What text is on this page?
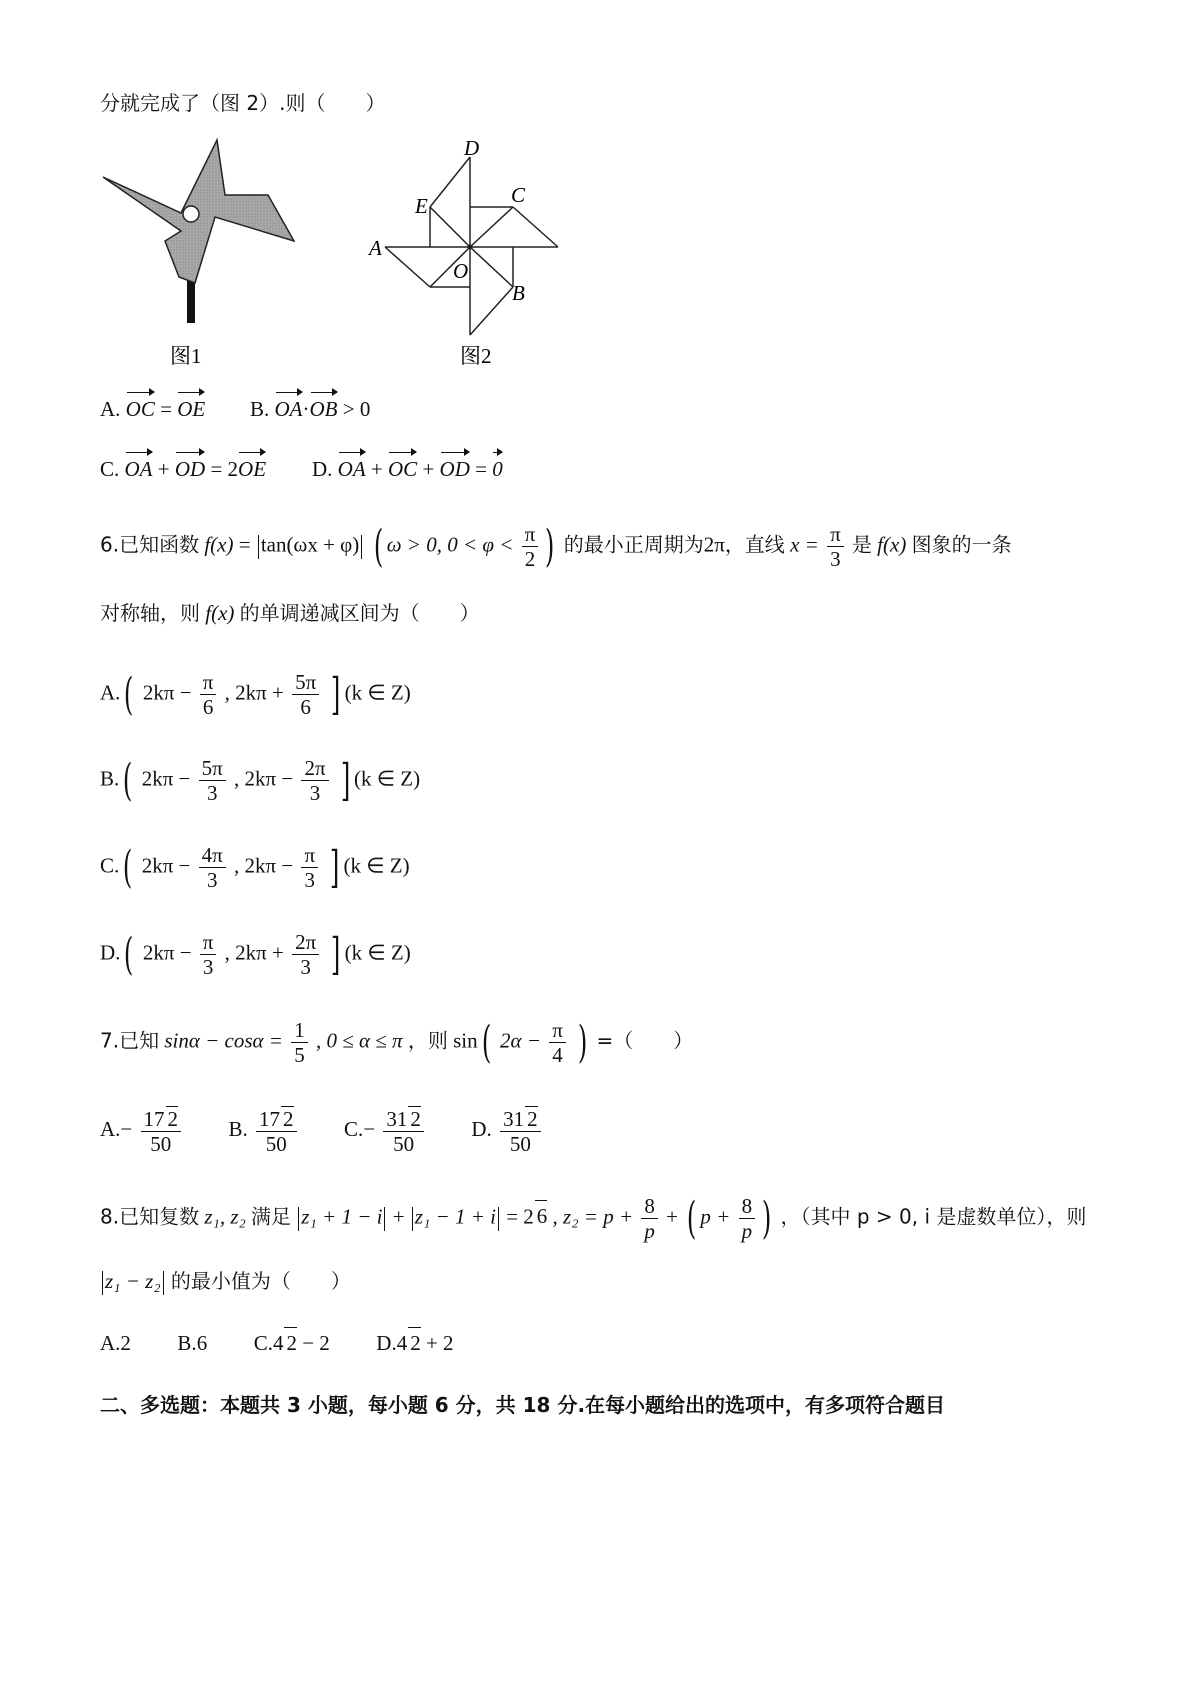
分就完成了（图 2）.则（　　）
图1
D
E	C
A
O
B
图2
A. OC = OE B. OA·OB > 0
C. OA + OD = 2OE D. OA + OC + OD = 0
6.已知函数 f(x) = tan(ωx + φ) ( ω > 0, $0 < \varphi < \frac{\pi}{2}$ ) 的最小正周期为2π，直线 $x = \frac{\pi}{3}$ 是 f(x) 图象的一条
对称轴，则 f(x) 的单调递减区间为（　　）
A.( $2k\pi - \frac{\pi}{6}$ , $2k\pi + \frac{5\pi}{6}$ ] (k ∈ Z)
B.( $2k\pi - \frac{5\pi}{3}$ , $2k\pi - \frac{2\pi}{3}$ ] (k ∈ Z)
C.( $2k\pi - \frac{4\pi}{3}$ , $2k\pi - \frac{\pi}{3}$ ] (k ∈ Z)
D.( $2k\pi - \frac{\pi}{3}$ , $2k\pi + \frac{2\pi}{3}$ ] (k ∈ Z)
7.已知 $\sin\alpha - \cos\alpha = \frac{1}{5}$ , 0 ≤ α ≤ π ，则 sin( $2\alpha - \frac{\pi}{4}$ ) =（　　）
$A.- \frac{17 2}{50} B$. $\frac{17 2}{50} C.- \frac{31 2}{50} D$. $\frac{31 2}{50}$
8.已知复数 z₁, z₂ 满足 z₁ + 1 − i + z₁ − 1 + i = 2 6 , $z_2 = p + \frac{8}{p}$ + ( $p + \frac{8}{p}$ ) ，（其中 p > 0, i 是虚数单位），则
z₁ − z₂ 的最小值为（　　）
A.2 B.6 C.4 2 − 2 D.4 2 + 2
二、多选题：本题共 3 小题，每小题 6 分，共 18 分.在每小题给出的选项中，有多项符合题目
